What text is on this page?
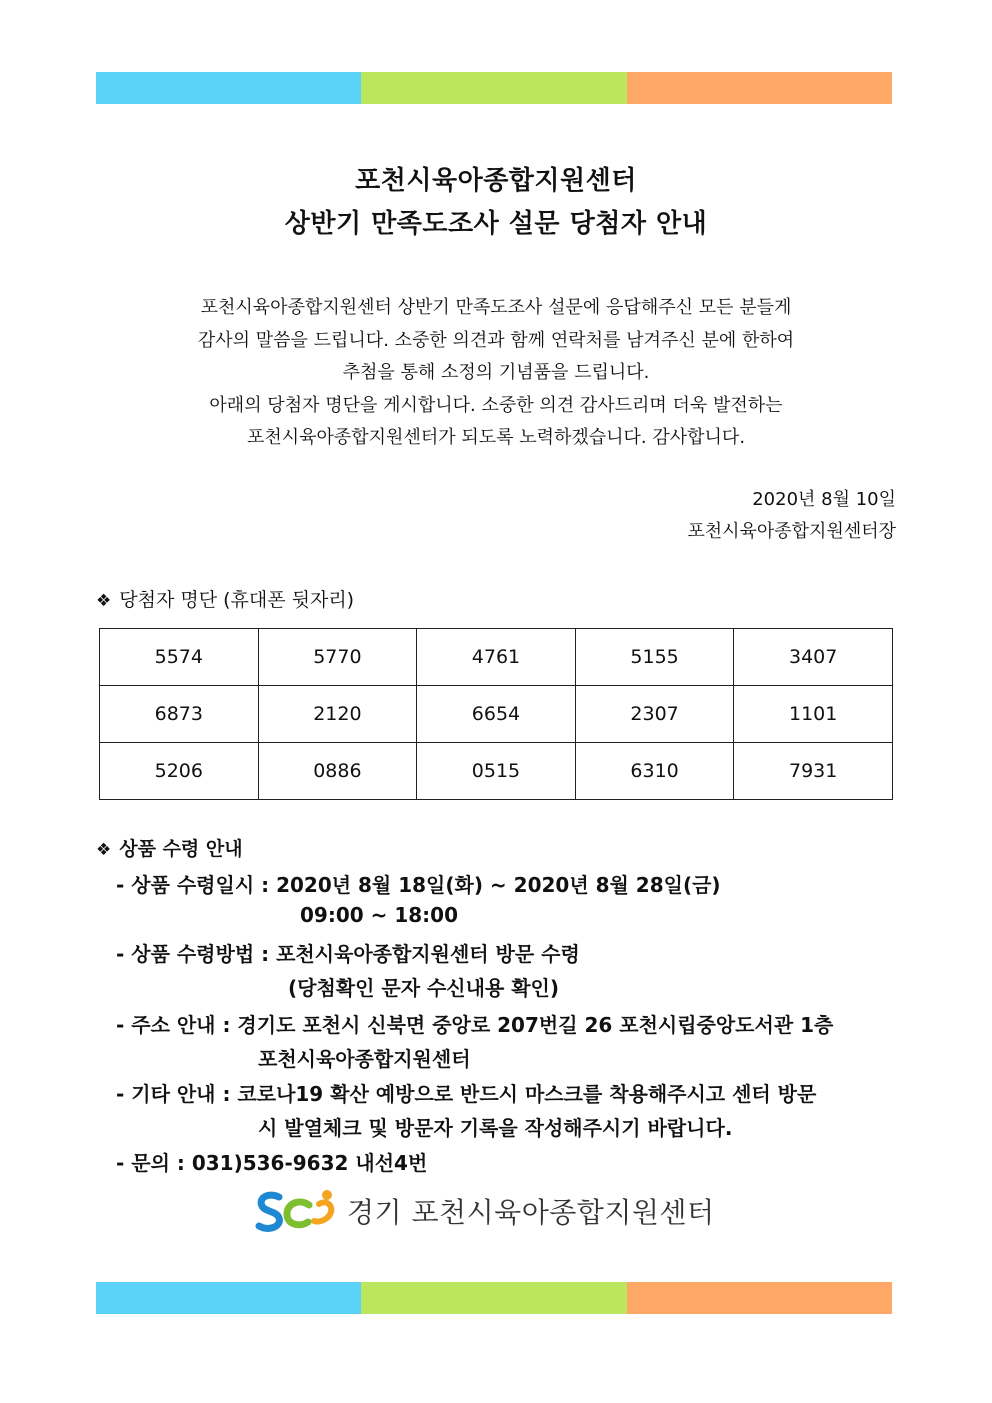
포천시육아종합지원센터
상반기 만족도조사 설문 당첨자 안내
포천시육아종합지원센터 상반기 만족도조사 설문에 응답해주신 모든 분들게
감사의 말씀을 드립니다. 소중한 의견과 함께 연락처를 남겨주신 분에 한하여
추첨을 통해 소정의 기념품을 드립니다.
아래의 당첨자 명단을 게시합니다. 소중한 의견 감사드리며 더욱 발전하는
포천시육아종합지원센터가 되도록 노력하겠습니다. 감사합니다.
2020년 8월 10일
포천시육아종합지원센터장
❖ 당첨자 명단 (휴대폰 뒷자리)
5574	5770	4761	5155	3407
6873	2120	6654	2307	1101
5206	0886	0515	6310	7931
❖ 상품 수령 안내
- 상품 수령일시 : 2020년 8월 18일(화) ~ 2020년 8월 28일(금)
09:00 ~ 18:00
- 상품 수령방법 : 포천시육아종합지원센터 방문 수령
(당첨확인 문자 수신내용 확인)
- 주소 안내 : 경기도 포천시 신북면 중앙로 207번길 26 포천시립중앙도서관 1층
포천시육아종합지원센터
- 기타 안내 : 코로나19 확산 예방으로 반드시 마스크를 착용해주시고 센터 방문
시 발열체크 및 방문자 기록을 작성해주시기 바랍니다.
- 문의 : 031)536-9632 내선4번
경기 포천시육아종합지원센터
